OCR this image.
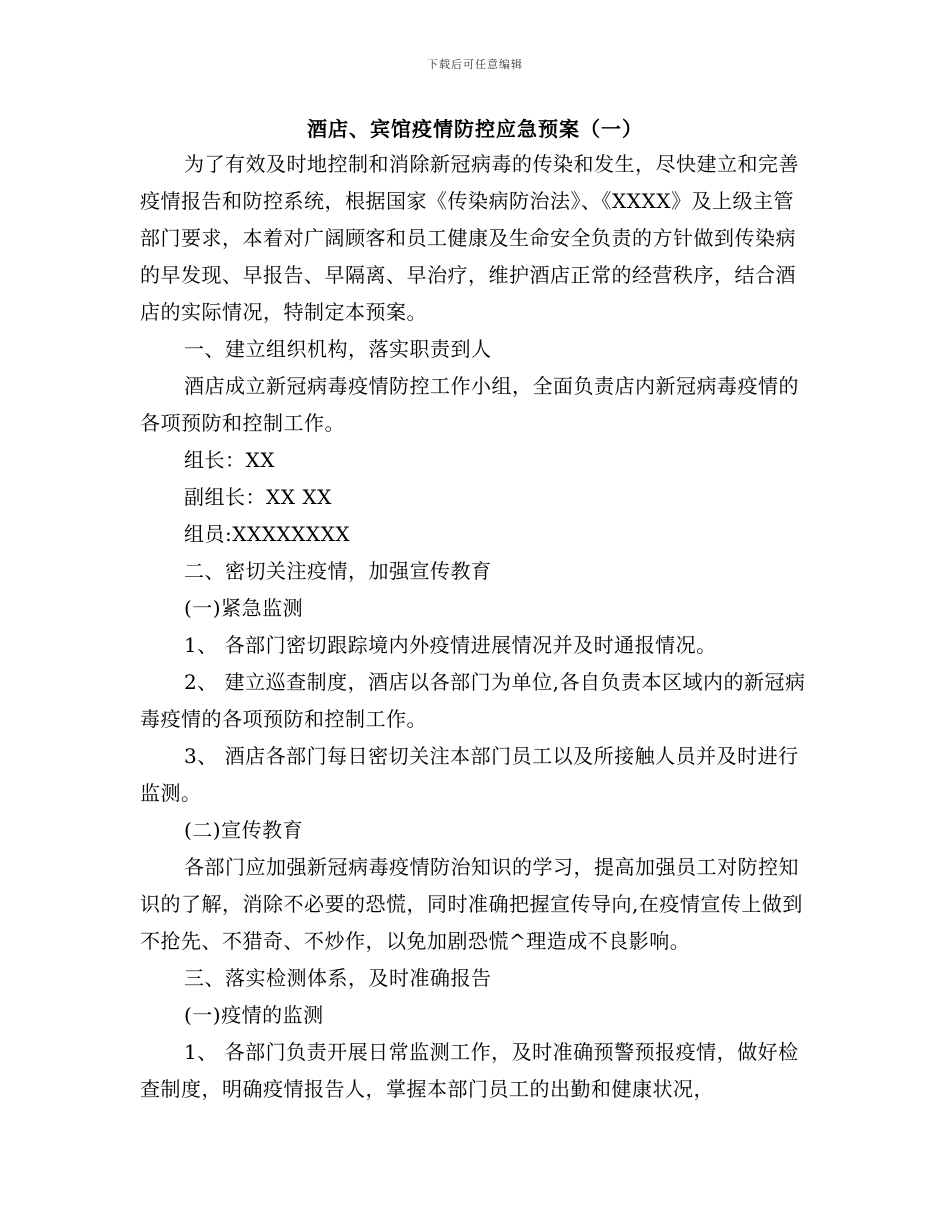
下载后可任意编辑
酒店、宾馆疫情防控应急预案（一）

为了有效及时地控制和消除新冠病毒的传染和发生，尽快建立和完善疫情报告和防控系统，根据国家《传染病防治法》、《XXXX》及上级主管部门要求，本着对广阔顾客和员工健康及生命安全负责的方针做到传染病的早发现、早报告、早隔离、早治疗，维护酒店正常的经营秩序，结合酒店的实际情况，特制定本预案。

一、建立组织机构，落实职责到人

酒店成立新冠病毒疫情防控工作小组，全面负责店内新冠病毒疫情的各项预防和控制工作。

组长：XX

副组长：XX XX

组员:XXXXXXXX

二、密切关注疫情，加强宣传教育

(一)紧急监测

1、 各部门密切跟踪境内外疫情进展情况并及时通报情况。

2、 建立巡查制度，酒店以各部门为单位,各自负责本区域内的新冠病毒疫情的各项预防和控制工作。

3、 酒店各部门每日密切关注本部门员工以及所接触人员并及时进行监测。

(二)宣传教育

各部门应加强新冠病毒疫情防治知识的学习，提高加强员工对防控知识的了解，消除不必要的恐慌，同时准确把握宣传导向,在疫情宣传上做到不抢先、不猎奇、不炒作，以免加剧恐慌^理造成不良影响。

三、落实检测体系，及时准确报告

(一)疫情的监测

1、 各部门负责开展日常监测工作，及时准确预警预报疫情，做好检查制度，明确疫情报告人，掌握本部门员工的出勤和健康状况，
